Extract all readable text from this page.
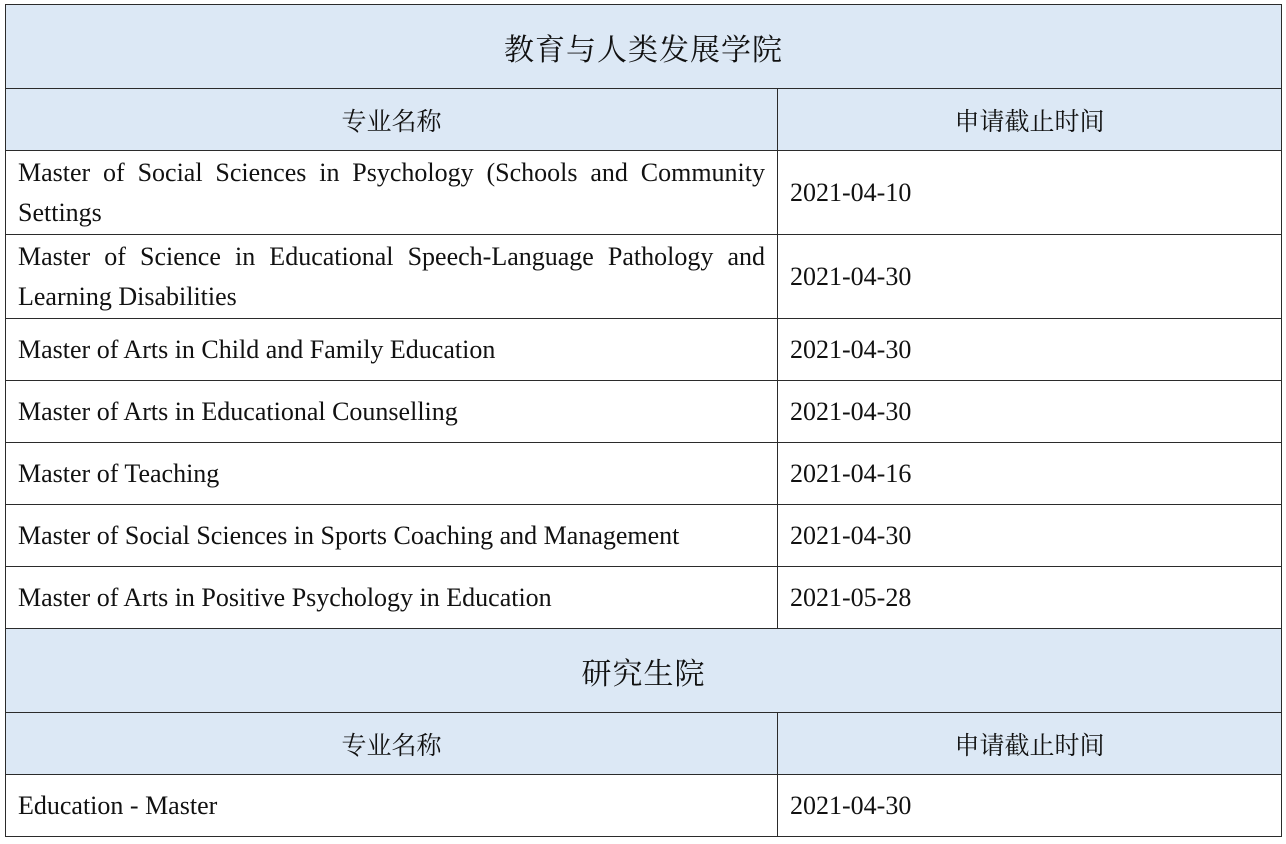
教育与人类发展学院	
专业名称	申请截止时间
Master of Social Sciences in Psychology (Schools and Community Settings	2021-04-10
Master of Science in Educational Speech-Language Pathology and Learning Disabilities	2021-04-30
Master of Arts in Child and Family Education	2021-04-30
Master of Arts in Educational Counselling	2021-04-30
Master of Teaching	2021-04-16
Master of Social Sciences in Sports Coaching and Management	2021-04-30
Master of Arts in Positive Psychology in Education	2021-05-28
研究生院	
专业名称	申请截止时间
Education - Master	2021-04-30
